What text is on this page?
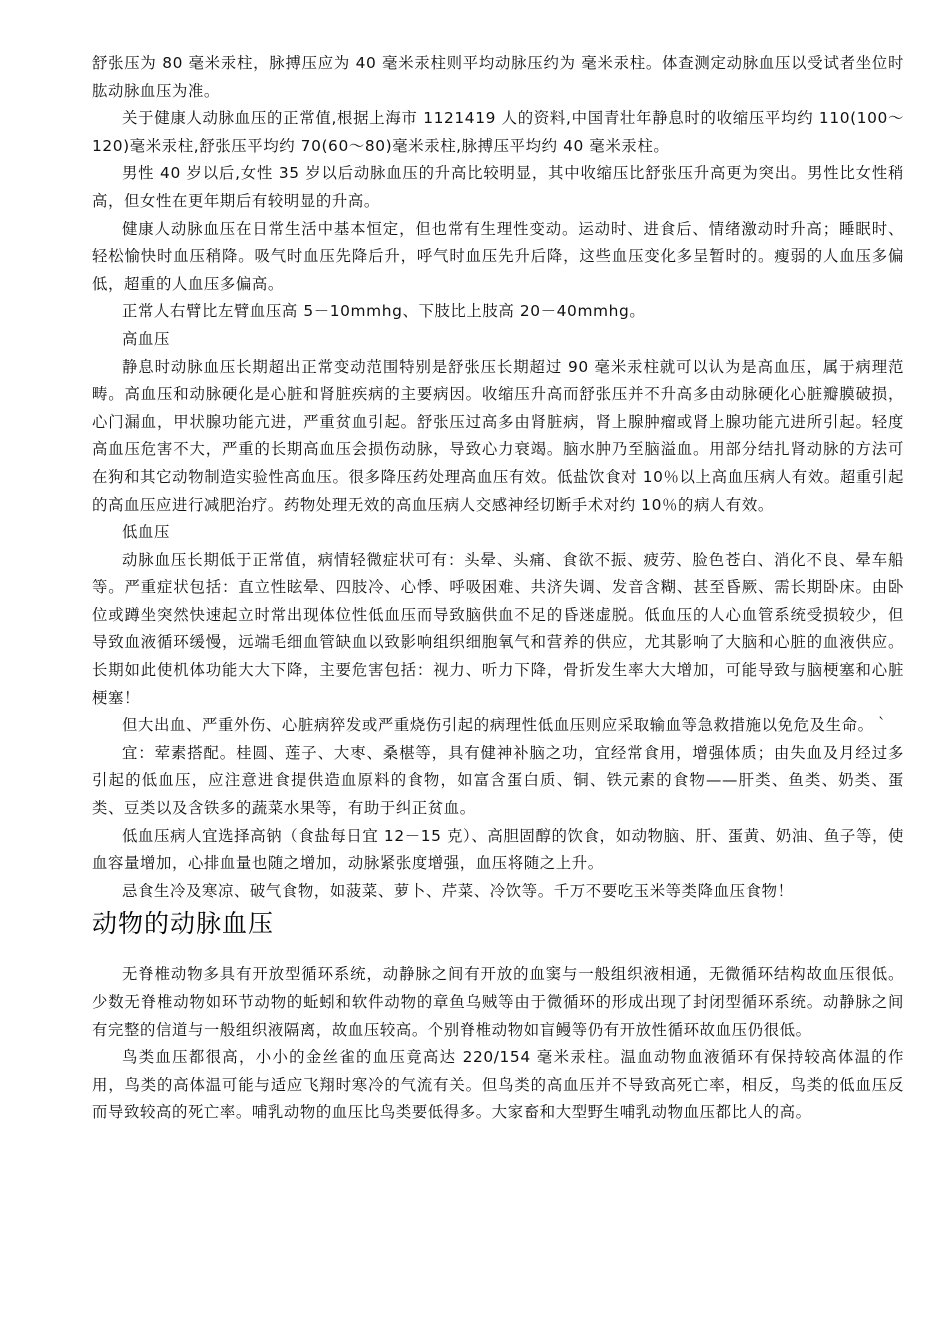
舒张压为 80 毫米汞柱，脉搏压应为 40 毫米汞柱则平均动脉压约为 毫米汞柱。体查测定动脉血压以受试者坐位时肱动脉血压为准。

关于健康人动脉血压的正常值,根据上海市 1121419 人的资料,中国青壮年静息时的收缩压平均约 110(100～120)毫米汞柱,舒张压平均约 70(60～80)毫米汞柱,脉搏压平均约 40 毫米汞柱。

男性 40 岁以后,女性 35 岁以后动脉血压的升高比较明显，其中收缩压比舒张压升高更为突出。男性比女性稍高，但女性在更年期后有较明显的升高。

健康人动脉血压在日常生活中基本恒定，但也常有生理性变动。运动时、进食后、情绪激动时升高；睡眠时、轻松愉快时血压稍降。吸气时血压先降后升，呼气时血压先升后降，这些血压变化多呈暂时的。瘦弱的人血压多偏低，超重的人血压多偏高。

正常人右臂比左臂血压高 5－10mmhg、下肢比上肢高 20－40mmhg。

高血压

静息时动脉血压长期超出正常变动范围特别是舒张压长期超过 90 毫米汞柱就可以认为是高血压，属于病理范畴。高血压和动脉硬化是心脏和肾脏疾病的主要病因。收缩压升高而舒张压并不升高多由动脉硬化心脏瓣膜破损，心门漏血，甲状腺功能亢进，严重贫血引起。舒张压过高多由肾脏病，肾上腺肿瘤或肾上腺功能亢进所引起。轻度高血压危害不大，严重的长期高血压会损伤动脉，导致心力衰竭。脑水肿乃至脑溢血。用部分结扎肾动脉的方法可在狗和其它动物制造实验性高血压。很多降压药处理高血压有效。低盐饮食对 10％以上高血压病人有效。超重引起的高血压应进行减肥治疗。药物处理无效的高血压病人交感神经切断手术对约 10％的病人有效。

低血压

动脉血压长期低于正常值，病情轻微症状可有：头晕、头痛、食欲不振、疲劳、脸色苍白、消化不良、晕车船等。严重症状包括：直立性眩晕、四肢冷、心悸、呼吸困难、共济失调、发音含糊、甚至昏厥、需长期卧床。由卧位或蹲坐突然快速起立时常出现体位性低血压而导致脑供血不足的昏迷虚脱。低血压的人心血管系统受损较少，但导致血液循环缓慢，远端毛细血管缺血以致影响组织细胞氧气和营养的供应，尤其影响了大脑和心脏的血液供应。长期如此使机体功能大大下降，主要危害包括：视力、听力下降，骨折发生率大大增加，可能导致与脑梗塞和心脏梗塞！

但大出血、严重外伤、心脏病猝发或严重烧伤引起的病理性低血压则应采取输血等急救措施以免危及生命。｀

宜：荤素搭配。桂圆、莲子、大枣、桑椹等，具有健神补脑之功，宜经常食用，增强体质；由失血及月经过多引起的低血压，应注意进食提供造血原料的食物，如富含蛋白质、铜、铁元素的食物——肝类、鱼类、奶类、蛋类、豆类以及含铁多的蔬菜水果等，有助于纠正贫血。

低血压病人宜选择高钠（食盐每日宜 12－15 克）、高胆固醇的饮食，如动物脑、肝、蛋黄、奶油、鱼子等，使血容量增加，心排血量也随之增加，动脉紧张度增强，血压将随之上升。

忌食生冷及寒凉、破气食物，如菠菜、萝卜、芹菜、冷饮等。千万不要吃玉米等类降血压食物！

动物的动脉血压

无脊椎动物多具有开放型循环系统，动静脉之间有开放的血窦与一般组织液相通，无微循环结构故血压很低。少数无脊椎动物如环节动物的蚯蚓和软件动物的章鱼乌贼等由于微循环的形成出现了封闭型循环系统。动静脉之间有完整的信道与一般组织液隔离，故血压较高。个别脊椎动物如盲鳗等仍有开放性循环故血压仍很低。

鸟类血压都很高，小小的金丝雀的血压竟高达 220/154 毫米汞柱。温血动物血液循环有保持较高体温的作用，鸟类的高体温可能与适应飞翔时寒冷的气流有关。但鸟类的高血压并不导致高死亡率，相反，鸟类的低血压反而导致较高的死亡率。哺乳动物的血压比鸟类要低得多。大家畜和大型野生哺乳动物血压都比人的高。
